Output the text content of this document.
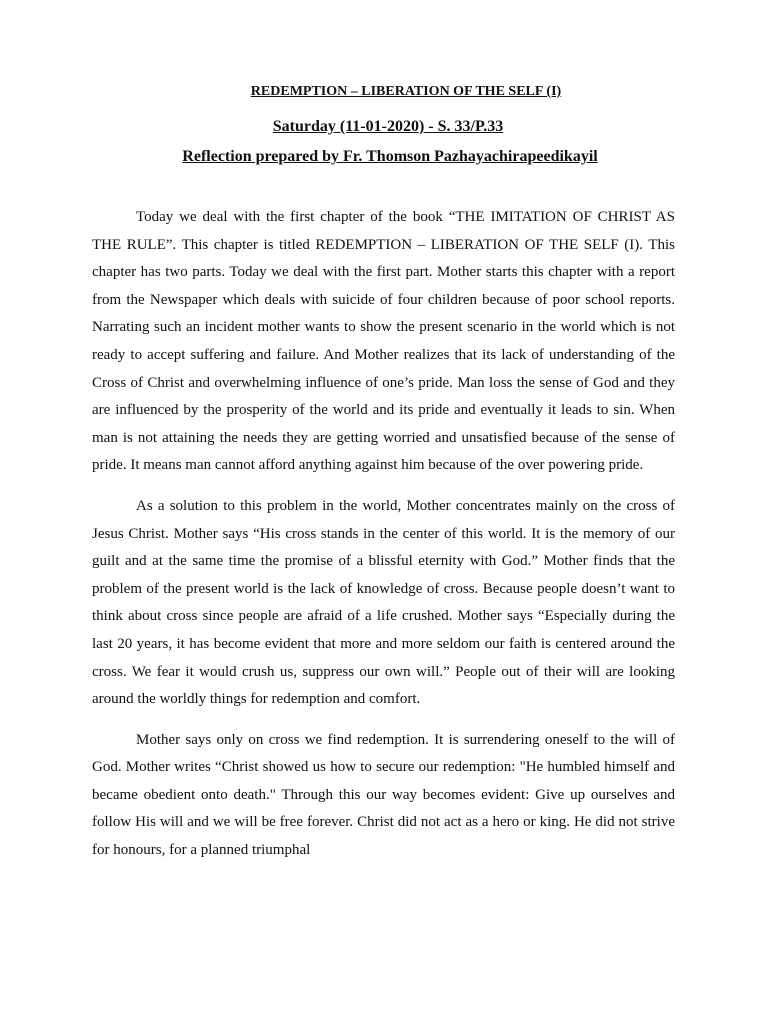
REDEMPTION – LIBERATION OF THE SELF (I)

Saturday (11-01-2020) - S. 33/P.33

Reflection prepared by Fr. Thomson Pazhayachirapeedikayil

Today we deal with the first chapter of the book “THE IMITATION OF CHRIST AS THE RULE”. This chapter is titled REDEMPTION – LIBERATION OF THE SELF (I). This chapter has two parts. Today we deal with the first part. Mother starts this chapter with a report from the Newspaper which deals with suicide of four children because of poor school reports. Narrating such an incident mother wants to show the present scenario in the world which is not ready to accept suffering and failure. And Mother realizes that its lack of understanding of the Cross of Christ and overwhelming influence of one’s pride. Man loss the sense of God and they are influenced by the prosperity of the world and its pride and eventually it leads to sin. When man is not attaining the needs they are getting worried and unsatisfied because of the sense of pride. It means man cannot afford anything against him because of the over powering pride.

As a solution to this problem in the world, Mother concentrates mainly on the cross of Jesus Christ. Mother says “His cross stands in the center of this world. It is the memory of our guilt and at the same time the promise of a blissful eternity with God.” Mother finds that the problem of the present world is the lack of knowledge of cross. Because people doesn’t want to think about cross since people are afraid of a life crushed. Mother says “Especially during the last 20 years, it has become evident that more and more seldom our faith is centered around the cross. We fear it would crush us, suppress our own will.” People out of their will are looking around the worldly things for redemption and comfort.

Mother says only on cross we find redemption. It is surrendering oneself to the will of God. Mother writes “Christ showed us how to secure our redemption: "He humbled himself and became obedient onto death." Through this our way becomes evident: Give up ourselves and follow His will and we will be free forever. Christ did not act as a hero or king. He did not strive for honours, for a planned triumphal
